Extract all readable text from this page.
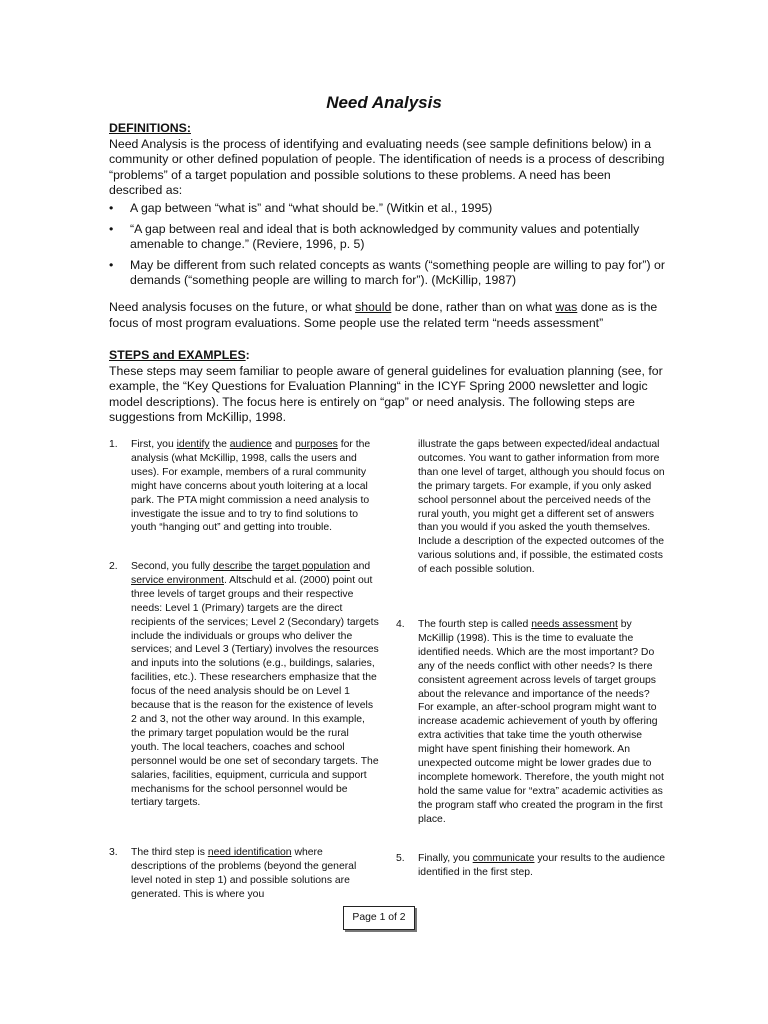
Need Analysis
DEFINITIONS:
Need Analysis is the process of identifying and evaluating needs (see sample definitions below) in a community or other defined population of people. The identification of needs is a process of describing “problems” of a target population and possible solutions to these problems. A need has been described as:
• A gap between “what is” and “what should be.” (Witkin et al., 1995)
• “A gap between real and ideal that is both acknowledged by community values and potentially amenable to change.” (Reviere, 1996, p. 5)
• May be different from such related concepts as wants (“something people are willing to pay for”) or demands (“something people are willing to march for”). (McKillip, 1987)
Need analysis focuses on the future, or what should be done, rather than on what was done as is the focus of most program evaluations. Some people use the related term “needs assessment”
STEPS and EXAMPLES:
These steps may seem familiar to people aware of general guidelines for evaluation planning (see, for example, the “Key Questions for Evaluation Planning“ in the ICYF Spring 2000 newsletter and logic model descriptions). The focus here is entirely on “gap” or need analysis. The following steps are suggestions from McKillip, 1998.
1. First, you identify the audience and purposes for the analysis (what McKillip, 1998, calls the users and uses). For example, members of a rural community might have concerns about youth loitering at a local park. The PTA might commission a need analysis to investigate the issue and to try to find solutions to youth “hanging out” and getting into trouble.
2. Second, you fully describe the target population and service environment. Altschuld et al. (2000) point out three levels of target groups and their respective needs: Level 1 (Primary) targets are the direct recipients of the services; Level 2 (Secondary) targets include the individuals or groups who deliver the services; and Level 3 (Tertiary) involves the resources and inputs into the solutions (e.g., buildings, salaries, facilities, etc.). These researchers emphasize that the focus of the need analysis should be on Level 1 because that is the reason for the existence of levels 2 and 3, not the other way around. In this example, the primary target population would be the rural youth. The local teachers, coaches and school personnel would be one set of secondary targets. The salaries, facilities, equipment, curricula and support mechanisms for the school personnel would be tertiary targets.
3. The third step is need identification where descriptions of the problems (beyond the general level noted in step 1) and possible solutions are generated. This is where you
illustrate the gaps between expected/ideal andactual outcomes. You want to gather information from more than one level of target, although you should focus on the primary targets. For example, if you only asked school personnel about the perceived needs of the rural youth, you might get a different set of answers than you would if you asked the youth themselves. Include a description of the expected outcomes of the various solutions and, if possible, the estimated costs of each possible solution.
4. The fourth step is called needs assessment by McKillip (1998). This is the time to evaluate the identified needs. Which are the most important? Do any of the needs conflict with other needs? Is there consistent agreement across levels of target groups about the relevance and importance of the needs? For example, an after-school program might want to increase academic achievement of youth by offering extra activities that take time the youth otherwise might have spent finishing their homework. An unexpected outcome might be lower grades due to incomplete homework. Therefore, the youth might not hold the same value for “extra” academic activities as the program staff who created the program in the first place.
5. Finally, you communicate your results to the audience identified in the first step.
Page 1 of 2
